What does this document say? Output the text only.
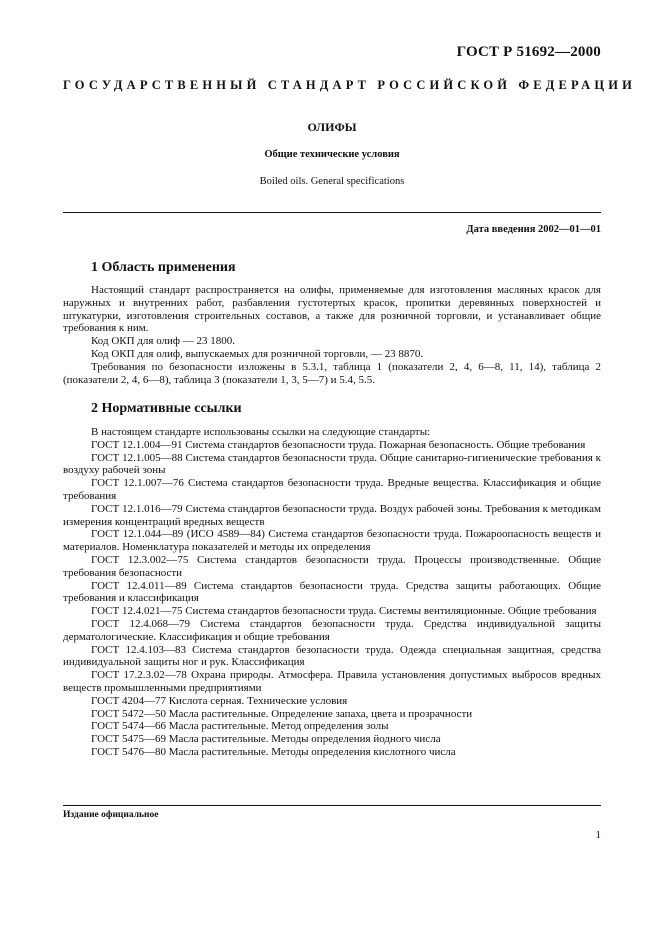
ГОСТ Р 51692—2000
ГОСУДАРСТВЕННЫЙ СТАНДАРТ РОССИЙСКОЙ ФЕДЕРАЦИИ
ОЛИФЫ
Общие технические условия
Boiled oils. General specifications
Дата введения 2002—01—01
1 Область применения

Настоящий стандарт распространяется на олифы, применяемые для изготовления масляных красок для наружных и внутренних работ, разбавления густотертых красок, пропитки деревянных поверхностей и штукатурки, изготовления строительных составов, а также для розничной торговли, и устанавливает общие требования к ним.

Код ОКП для олиф — 23 1800.

Код ОКП для олиф, выпускаемых для розничной торговли, — 23 8870.

Требования по безопасности изложены в 5.3.1, таблица 1 (показатели 2, 4, 6—8, 11, 14), таблица 2 (показатели 2, 4, 6—8), таблица 3 (показатели 1, 3, 5—7) и 5.4, 5.5.

2 Нормативные ссылки

В настоящем стандарте использованы ссылки на следующие стандарты:

ГОСТ 12.1.004—91 Система стандартов безопасности труда. Пожарная безопасность. Общие требования

ГОСТ 12.1.005—88 Система стандартов безопасности труда. Общие санитарно-гигиенические требования к воздуху рабочей зоны

ГОСТ 12.1.007—76 Система стандартов безопасности труда. Вредные вещества. Классификация и общие требования

ГОСТ 12.1.016—79 Система стандартов безопасности труда. Воздух рабочей зоны. Требования к методикам измерения концентраций вредных веществ

ГОСТ 12.1.044—89 (ИСО 4589—84) Система стандартов безопасности труда. Пожароопасность веществ и материалов. Номенклатура показателей и методы их определения

ГОСТ 12.3.002—75 Система стандартов безопасности труда. Процессы производственные. Общие требования безопасности

ГОСТ 12.4.011—89 Система стандартов безопасности труда. Средства защиты работающих. Общие требования и классификация

ГОСТ 12.4.021—75 Система стандартов безопасности труда. Системы вентиляционные. Общие требования

ГОСТ 12.4.068—79 Система стандартов безопасности труда. Средства индивидуальной защиты дерматологические. Классификация и общие требования

ГОСТ 12.4.103—83 Система стандартов безопасности труда. Одежда специальная защитная, средства индивидуальной защиты ног и рук. Классификация

ГОСТ 17.2.3.02—78 Охрана природы. Атмосфера. Правила установления допустимых выбросов вредных веществ промышленными предприятиями

ГОСТ 4204—77 Кислота серная. Технические условия

ГОСТ 5472—50 Масла растительные. Определение запаха, цвета и прозрачности

ГОСТ 5474—66 Масла растительные. Метод определения золы

ГОСТ 5475—69 Масла растительные. Методы определения йодного числа

ГОСТ 5476—80 Масла растительные. Методы определения кислотного числа

Издание официальное
1
